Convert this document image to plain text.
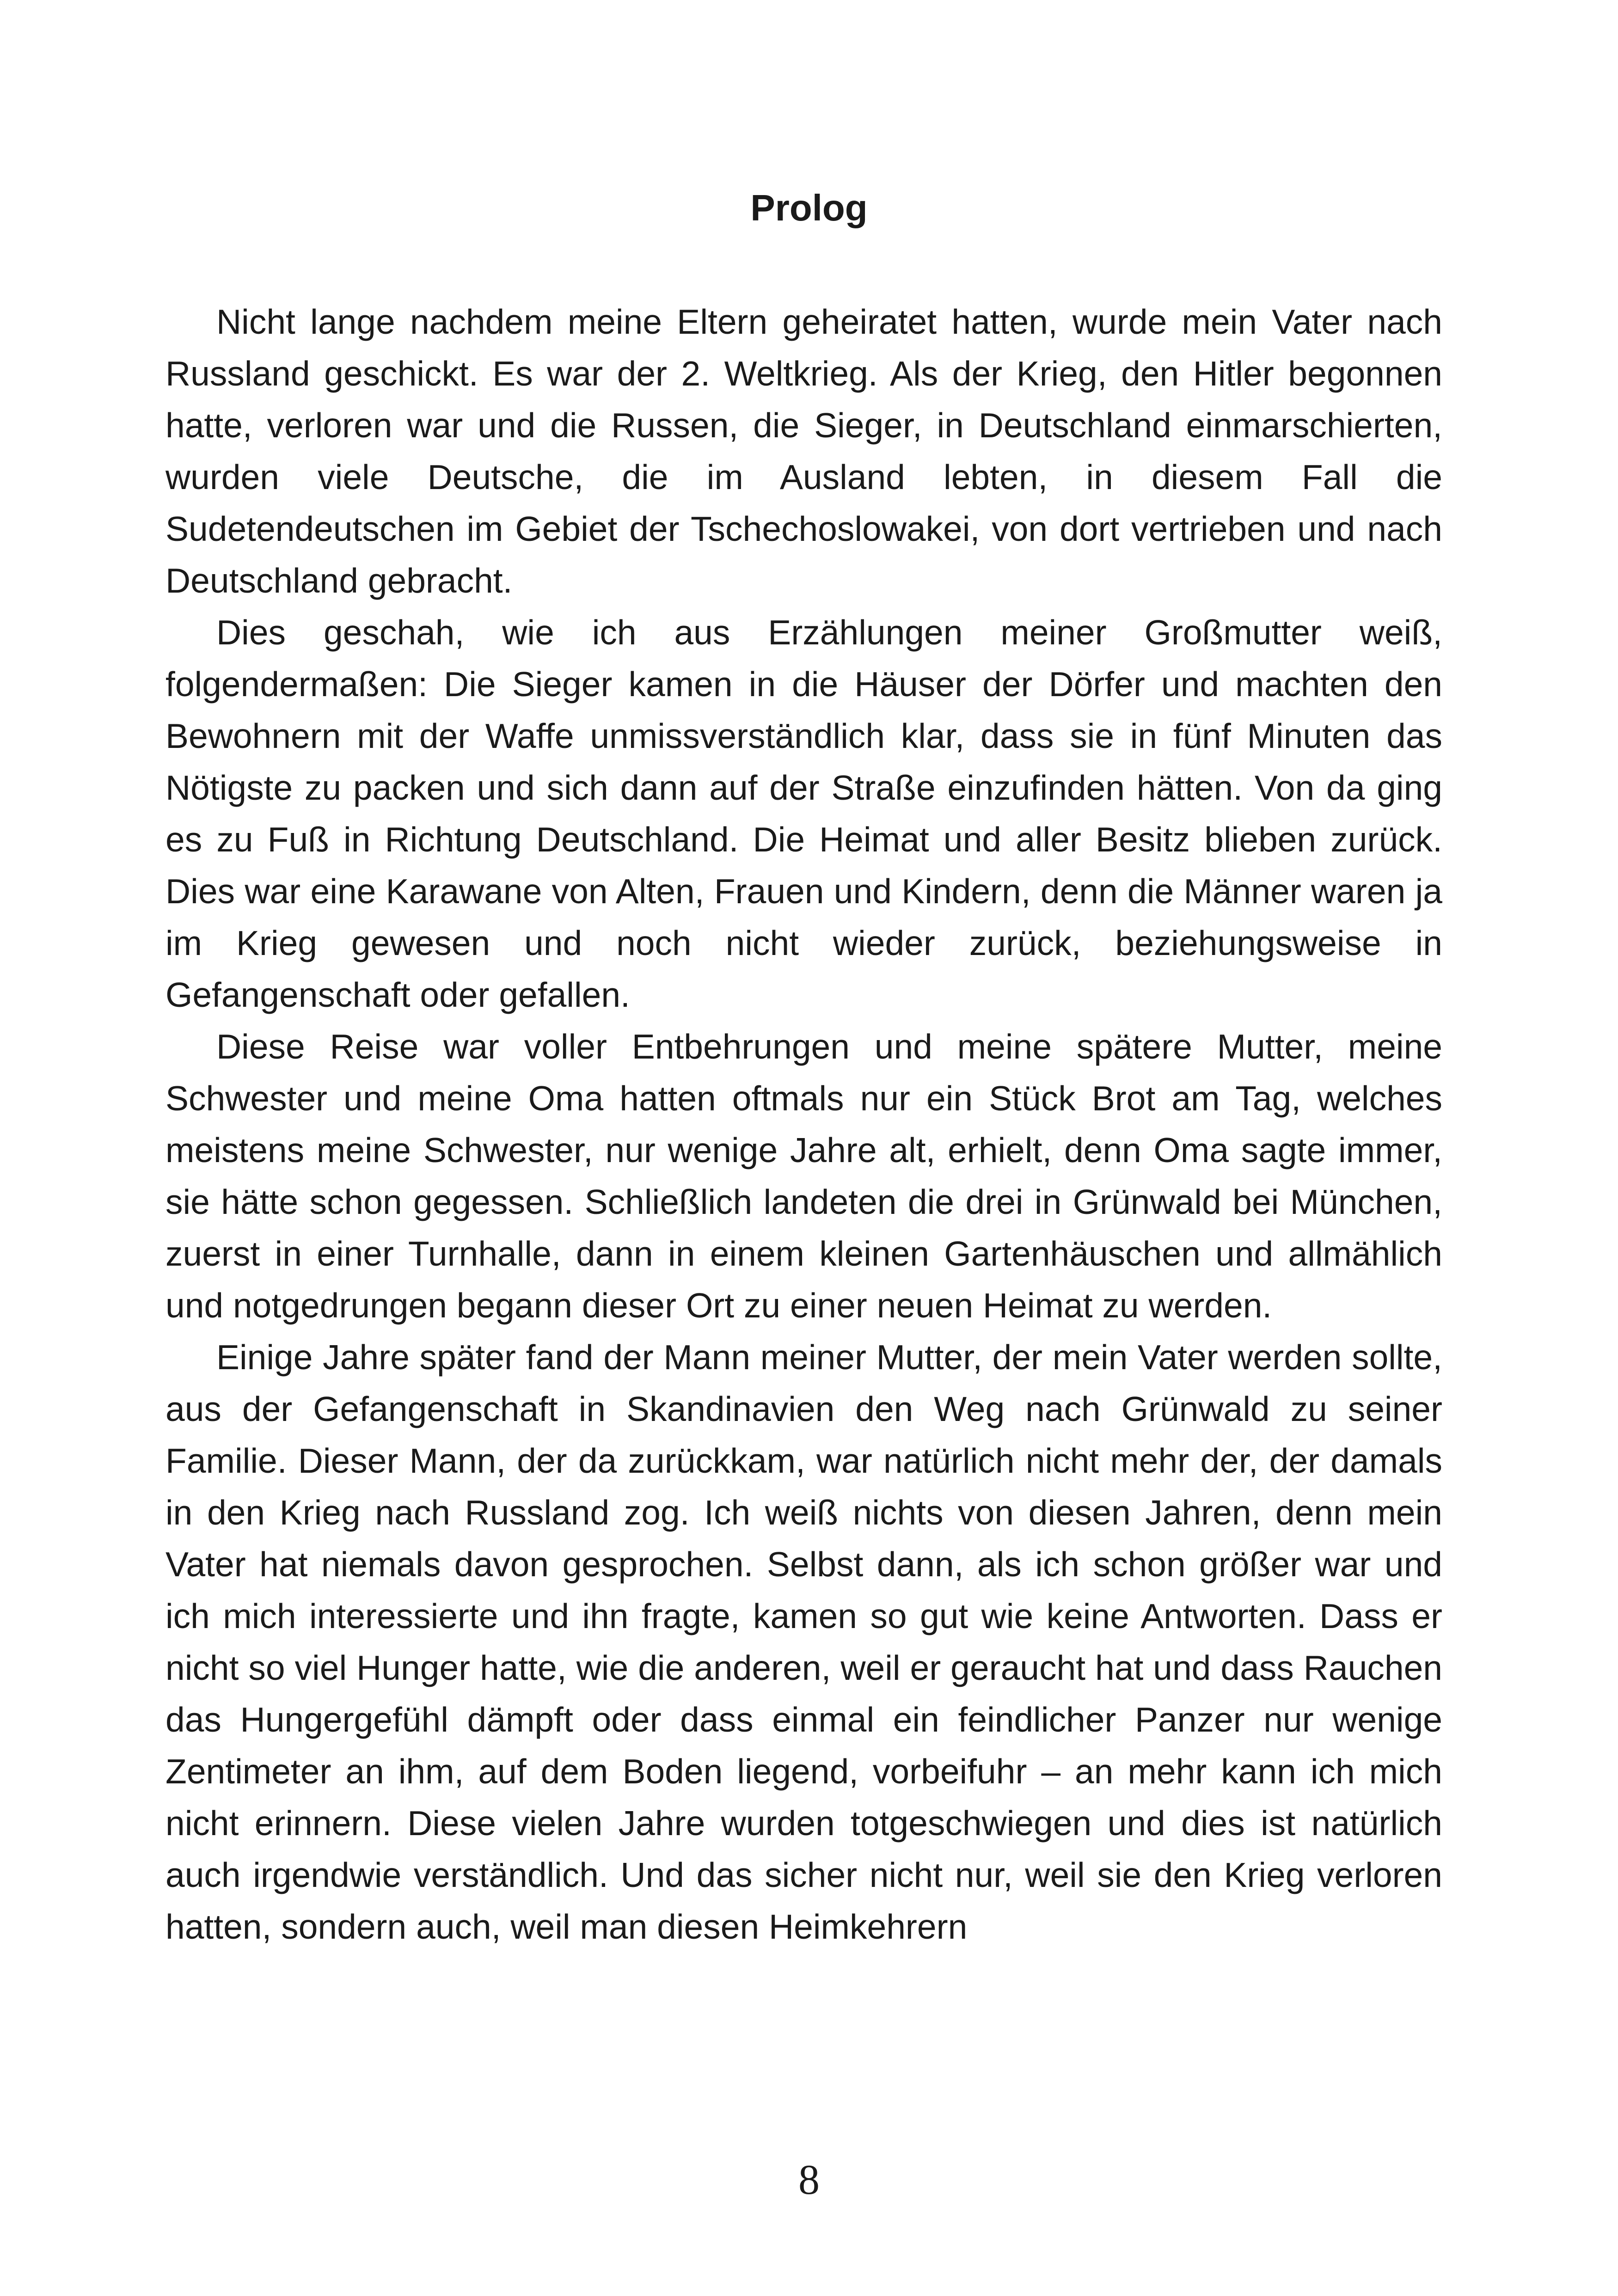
Prolog

Nicht lange nachdem meine Eltern geheiratet hatten, wurde mein Vater nach Russland geschickt. Es war der 2. Weltkrieg. Als der Krieg, den Hitler begonnen hatte, verloren war und die Russen, die Sieger, in Deutschland einmarschierten, wurden viele Deutsche, die im Ausland lebten, in diesem Fall die Sudetendeutschen im Gebiet der Tschechoslowakei, von dort vertrieben und nach Deutschland gebracht.

Dies geschah, wie ich aus Erzählungen meiner Großmutter weiß, folgendermaßen: Die Sieger kamen in die Häuser der Dörfer und machten den Bewohnern mit der Waffe unmissverständlich klar, dass sie in fünf Minuten das Nötigste zu packen und sich dann auf der Straße einzufinden hätten. Von da ging es zu Fuß in Richtung Deutschland. Die Heimat und aller Besitz blieben zurück. Dies war eine Karawane von Alten, Frauen und Kindern, denn die Männer waren ja im Krieg gewesen und noch nicht wieder zurück, beziehungsweise in Gefangenschaft oder gefallen.

Diese Reise war voller Entbehrungen und meine spätere Mutter, meine Schwester und meine Oma hatten oftmals nur ein Stück Brot am Tag, welches meistens meine Schwester, nur wenige Jahre alt, erhielt, denn Oma sagte immer, sie hätte schon gegessen. Schließlich landeten die drei in Grünwald bei München, zuerst in einer Turnhalle, dann in einem kleinen Gartenhäuschen und allmählich und notgedrungen begann dieser Ort zu einer neuen Heimat zu werden.

Einige Jahre später fand der Mann meiner Mutter, der mein Vater werden sollte, aus der Gefangenschaft in Skandinavien den Weg nach Grünwald zu seiner Familie. Dieser Mann, der da zurückkam, war natürlich nicht mehr der, der damals in den Krieg nach Russland zog. Ich weiß nichts von diesen Jahren, denn mein Vater hat niemals davon gesprochen. Selbst dann, als ich schon größer war und ich mich interessierte und ihn fragte, kamen so gut wie keine Antworten. Dass er nicht so viel Hunger hatte, wie die anderen, weil er geraucht hat und dass Rauchen das Hungergefühl dämpft oder dass einmal ein feindlicher Panzer nur wenige Zentimeter an ihm, auf dem Boden liegend, vorbeifuhr – an mehr kann ich mich nicht erinnern. Diese vielen Jahre wurden totgeschwiegen und dies ist natürlich auch irgendwie verständlich. Und das sicher nicht nur, weil sie den Krieg verloren hatten, sondern auch, weil man diesen Heimkehrern

8
